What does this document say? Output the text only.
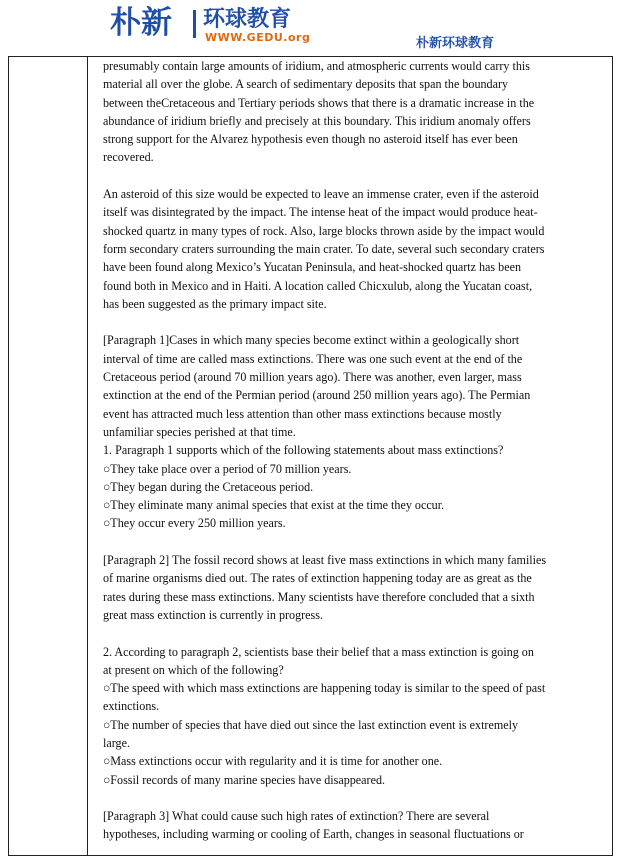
朴新 环球教育
WWW.GEDU.org	朴新环球教育

presumably contain large amounts of iridium, and atmospheric currents would carry this
material all over the globe. A search of sedimentary deposits that span the boundary
between theCretaceous and Tertiary periods shows that there is a dramatic increase in the
abundance of iridium briefly and precisely at this boundary. This iridium anomaly offers
strong support for the Alvarez hypothesis even though no asteroid itself has ever been
recovered.

An asteroid of this size would be expected to leave an immense crater, even if the asteroid
itself was disintegrated by the impact. The intense heat of the impact would produce heat-
shocked quartz in many types of rock. Also, large blocks thrown aside by the impact would
form secondary craters surrounding the main crater. To date, several such secondary craters
have been found along Mexico’s Yucatan Peninsula, and heat-shocked quartz has been
found both in Mexico and in Haiti. A location called Chicxulub, along the Yucatan coast,
has been suggested as the primary impact site.

[Paragraph 1]Cases in which many species become extinct within a geologically short
interval of time are called mass extinctions. There was one such event at the end of the
Cretaceous period (around 70 million years ago). There was another, even larger, mass
extinction at the end of the Permian period (around 250 million years ago). The Permian
event has attracted much less attention than other mass extinctions because mostly
unfamiliar species perished at that time.
1. Paragraph 1 supports which of the following statements about mass extinctions?
○They take place over a period of 70 million years.
○They began during the Cretaceous period.
○They eliminate many animal species that exist at the time they occur.
○They occur every 250 million years.

[Paragraph 2] The fossil record shows at least five mass extinctions in which many families
of marine organisms died out. The rates of extinction happening today are as great as the
rates during these mass extinctions. Many scientists have therefore concluded that a sixth
great mass extinction is currently in progress.

2. According to paragraph 2, scientists base their belief that a mass extinction is going on
at present on which of the following?
○The speed with which mass extinctions are happening today is similar to the speed of past
extinctions.
○The number of species that have died out since the last extinction event is extremely
large.
○Mass extinctions occur with regularity and it is time for another one.
○Fossil records of many marine species have disappeared.

[Paragraph 3] What could cause such high rates of extinction? There are several
hypotheses, including warming or cooling of Earth, changes in seasonal fluctuations or
